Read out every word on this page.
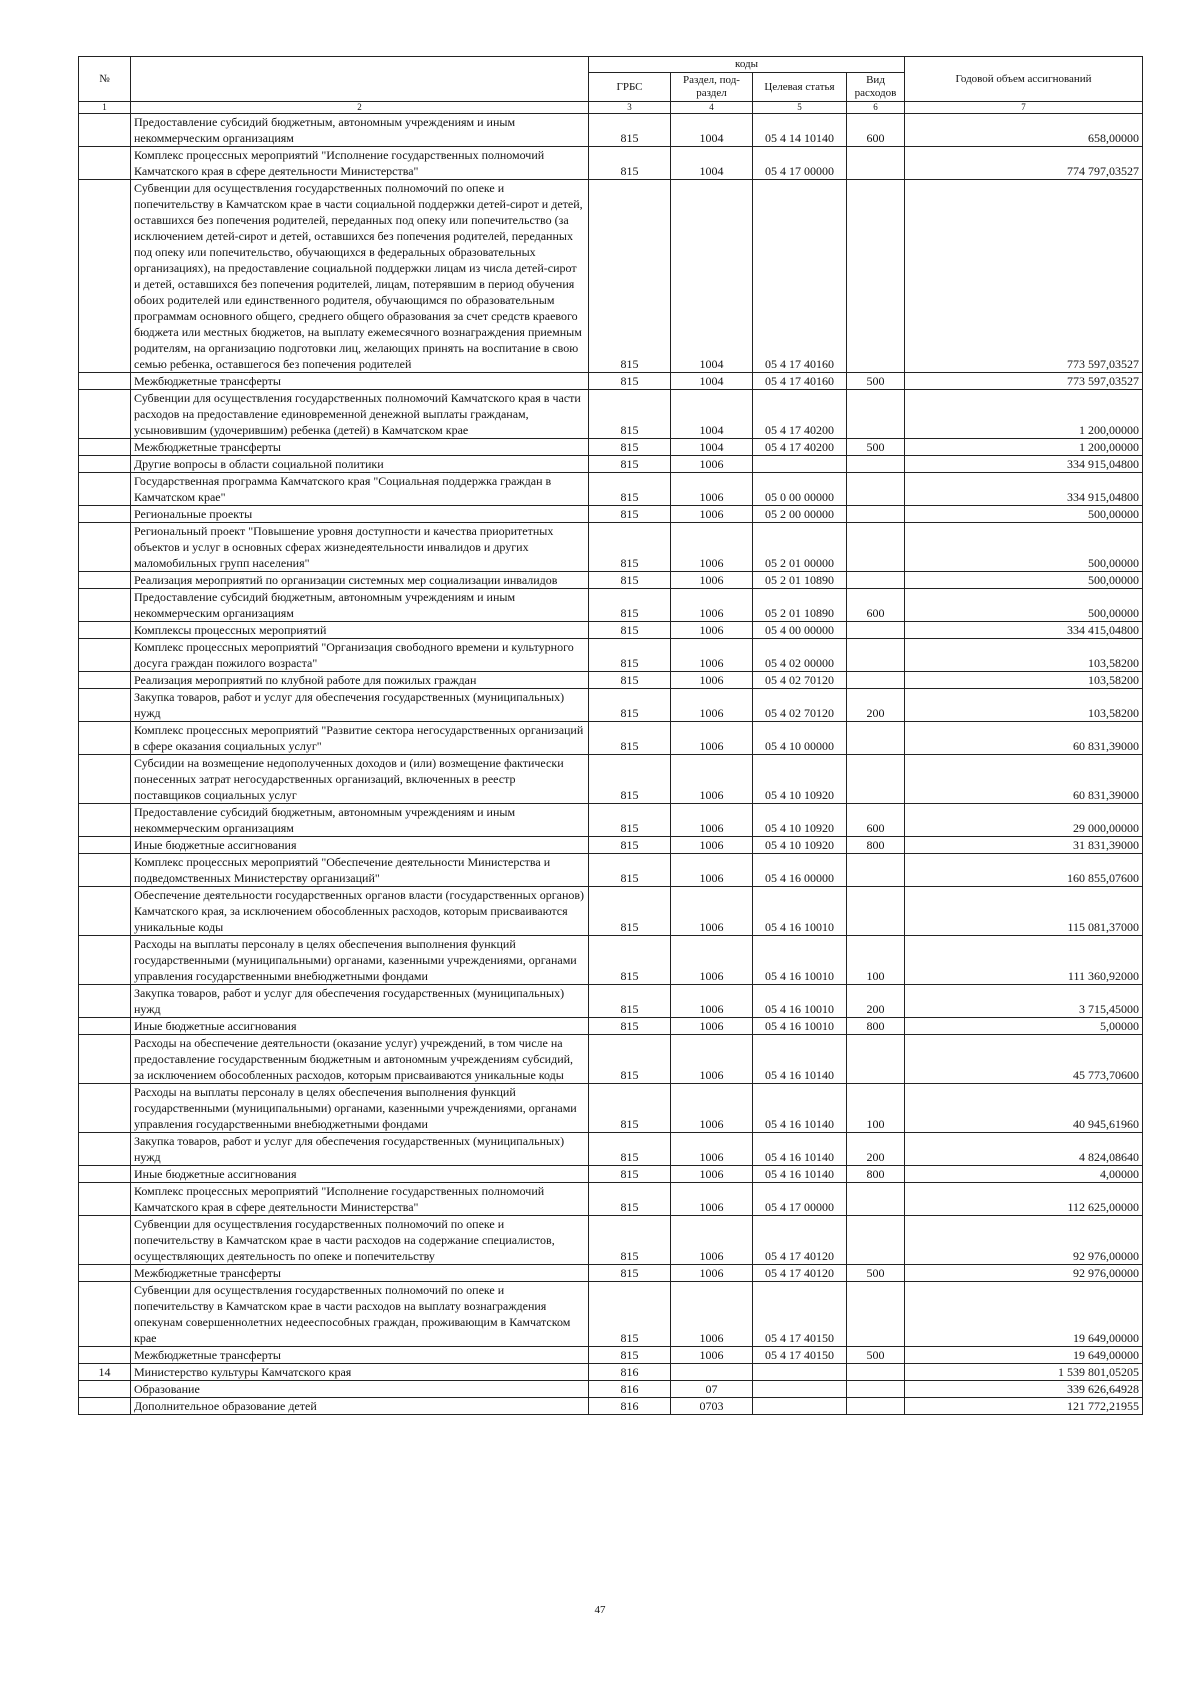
№		коды				Годовой объем ассигнований
		ГРБС	Раздел, под-раздел	Целевая статья	Вид расходов	
1	2	3	4	5	6	7
	Предоставление субсидий бюджетным, автономным учреждениям и иным некоммерческим организациям	815	1004	05 4 14 10140	600	658,00000
	Комплекс процессных мероприятий "Исполнение государственных полномочий Камчатского края в сфере деятельности Министерства"	815	1004	05 4 17 00000		774 797,03527
	Субвенции для осуществления государственных полномочий по опеке и попечительству в Камчатском крае в части социальной поддержки детей-сирот и детей, оставшихся без попечения родителей, переданных под опеку или попечительство (за исключением детей-сирот и детей, оставшихся без попечения родителей, переданных под опеку или попечительство, обучающихся в федеральных образовательных организациях), на предоставление социальной поддержки лицам из числа детей-сирот и детей, оставшихся без попечения родителей, лицам, потерявшим в период обучения обоих родителей или единственного родителя, обучающимся по образовательным программам основного общего, среднего общего образования за счет средств краевого бюджета или местных бюджетов, на выплату ежемесячного вознаграждения приемным родителям, на организацию подготовки лиц, желающих принять на воспитание в свою семью ребенка, оставшегося без попечения родителей	815	1004	05 4 17 40160		773 597,03527
	Межбюджетные трансферты	815	1004	05 4 17 40160	500	773 597,03527
	Субвенции для осуществления государственных полномочий Камчатского края в части расходов на предоставление единовременной денежной выплаты гражданам, усыновившим (удочерившим) ребенка (детей) в Камчатском крае	815	1004	05 4 17 40200		1 200,00000
	Межбюджетные трансферты	815	1004	05 4 17 40200	500	1 200,00000
	Другие вопросы в области социальной политики	815	1006			334 915,04800
	Государственная программа Камчатского края "Социальная поддержка граждан в Камчатском крае"	815	1006	05 0 00 00000		334 915,04800
	Региональные проекты	815	1006	05 2 00 00000		500,00000
	Региональный проект "Повышение уровня доступности и качества приоритетных объектов и услуг в основных сферах жизнедеятельности инвалидов и других маломобильных групп населения"	815	1006	05 2 01 00000		500,00000
	Реализация мероприятий по организации системных мер социализации инвалидов	815	1006	05 2 01 10890		500,00000
	Предоставление субсидий бюджетным, автономным учреждениям и иным некоммерческим организациям	815	1006	05 2 01 10890	600	500,00000
	Комплексы процессных мероприятий	815	1006	05 4 00 00000		334 415,04800
	Комплекс процессных мероприятий "Организация свободного времени и культурного досуга граждан пожилого возраста"	815	1006	05 4 02 00000		103,58200
	Реализация мероприятий по клубной работе для пожилых граждан	815	1006	05 4 02 70120		103,58200
	Закупка товаров, работ и услуг для обеспечения государственных (муниципальных) нужд	815	1006	05 4 02 70120	200	103,58200
	Комплекс процессных мероприятий "Развитие сектора негосударственных организаций в сфере оказания социальных услуг"	815	1006	05 4 10 00000		60 831,39000
	Субсидии на возмещение недополученных доходов и (или) возмещение фактически понесенных затрат негосударственных организаций, включенных в реестр поставщиков социальных услуг	815	1006	05 4 10 10920		60 831,39000
	Предоставление субсидий бюджетным, автономным учреждениям и иным некоммерческим организациям	815	1006	05 4 10 10920	600	29 000,00000
	Иные бюджетные ассигнования	815	1006	05 4 10 10920	800	31 831,39000
	Комплекс процессных мероприятий "Обеспечение деятельности Министерства и подведомственных Министерству организаций"	815	1006	05 4 16 00000		160 855,07600
	Обеспечение деятельности государственных органов власти (государственных органов) Камчатского края, за исключением обособленных расходов, которым присваиваются уникальные коды	815	1006	05 4 16 10010		115 081,37000
	Расходы на выплаты персоналу в целях обеспечения выполнения функций государственными (муниципальными) органами, казенными учреждениями, органами управления государственными внебюджетными фондами	815	1006	05 4 16 10010	100	111 360,92000
	Закупка товаров, работ и услуг для обеспечения государственных (муниципальных) нужд	815	1006	05 4 16 10010	200	3 715,45000
	Иные бюджетные ассигнования	815	1006	05 4 16 10010	800	5,00000
	Расходы на обеспечение деятельности (оказание услуг) учреждений, в том числе на предоставление государственным бюджетным и автономным учреждениям субсидий, за исключением обособленных расходов, которым присваиваются уникальные коды	815	1006	05 4 16 10140		45 773,70600
	Расходы на выплаты персоналу в целях обеспечения выполнения функций государственными (муниципальными) органами, казенными учреждениями, органами управления государственными внебюджетными фондами	815	1006	05 4 16 10140	100	40 945,61960
	Закупка товаров, работ и услуг для обеспечения государственных (муниципальных) нужд	815	1006	05 4 16 10140	200	4 824,08640
	Иные бюджетные ассигнования	815	1006	05 4 16 10140	800	4,00000
	Комплекс процессных мероприятий "Исполнение государственных полномочий Камчатского края в сфере деятельности Министерства"	815	1006	05 4 17 00000		112 625,00000
	Субвенции для осуществления государственных полномочий по опеке и попечительству в Камчатском крае в части расходов на содержание специалистов, осуществляющих деятельность по опеке и попечительству	815	1006	05 4 17 40120		92 976,00000
	Межбюджетные трансферты	815	1006	05 4 17 40120	500	92 976,00000
	Субвенции для осуществления государственных полномочий по опеке и попечительству в Камчатском крае в части расходов на выплату вознаграждения опекунам совершеннолетних недееспособных граждан, проживающим в Камчатском крае	815	1006	05 4 17 40150		19 649,00000
	Межбюджетные трансферты	815	1006	05 4 17 40150	500	19 649,00000
14	Министерство культуры Камчатского края	816				1 539 801,05205
	Образование	816	07			339 626,64928
	Дополнительное образование детей	816	0703			121 772,21955
47
